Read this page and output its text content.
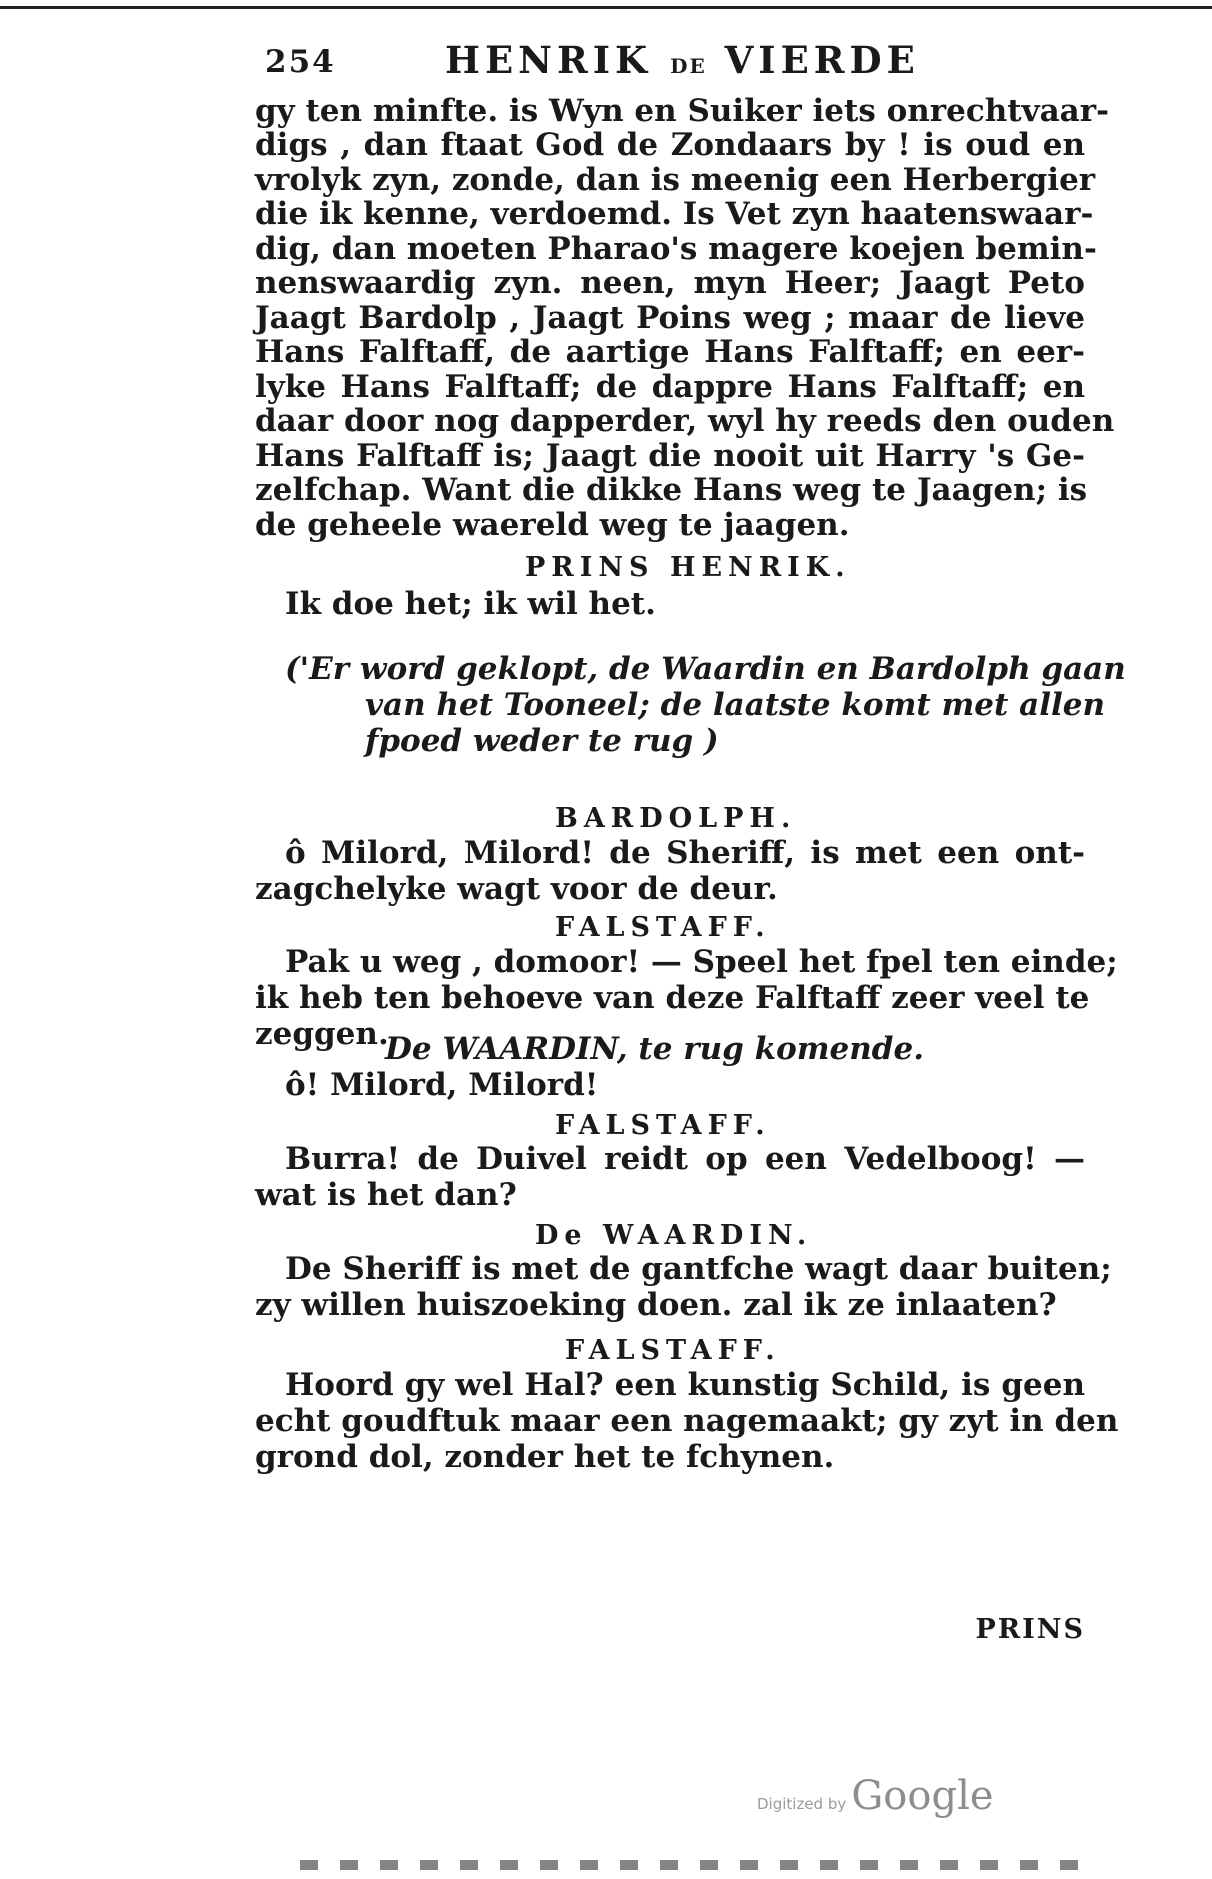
254	HENRIK DE VIERDE
gy ten minfte. is Wyn en Suiker iets onrechtvaar-
digs , dan ftaat God de Zondaars by ! is oud en
vrolyk zyn, zonde, dan is meenig een Herbergier
die ik kenne, verdoemd. Is Vet zyn haatenswaar-
dig, dan moeten Pharao's magere koejen bemin-
nenswaardig zyn. neen, myn Heer; Jaagt Peto
Jaagt Bardolp , Jaagt Poins weg ; maar de lieve
Hans Falftaff, de aartige Hans Falftaff; en eer-
lyke Hans Falftaff; de dappre Hans Falftaff; en
daar door nog dapperder, wyl hy reeds den ouden
Hans Falftaff is; Jaagt die nooit uit Harry 's Ge-
zelfchap. Want die dikke Hans weg te Jaagen; is
de geheele waereld weg te jaagen.
PRINS HENRIK.
Ik doe het; ik wil het.
('Er word geklopt, de Waardin en Bardolph gaan
van het Tooneel; de laatste komt met allen
fpoed weder te rug )
BARDOLPH.
ô Milord, Milord! de Sheriff, is met een ont-
zagchelyke wagt voor de deur.
FALSTAFF.
Pak u weg , domoor! — Speel het fpel ten einde;
ik heb ten behoeve van deze Falftaff zeer veel te
zeggen.
De WAARDIN, te rug komende.
ô! Milord, Milord!
FALSTAFF.
Burra! de Duivel reidt op een Vedelboog! —
wat is het dan?
De WAARDIN.
De Sheriff is met de gantfche wagt daar buiten;
zy willen huiszoeking doen. zal ik ze inlaaten?
FALSTAFF.
Hoord gy wel Hal? een kunstig Schild, is geen
echt goudftuk maar een nagemaakt; gy zyt in den
grond dol, zonder het te fchynen.
PRINS
Digitized by Google
